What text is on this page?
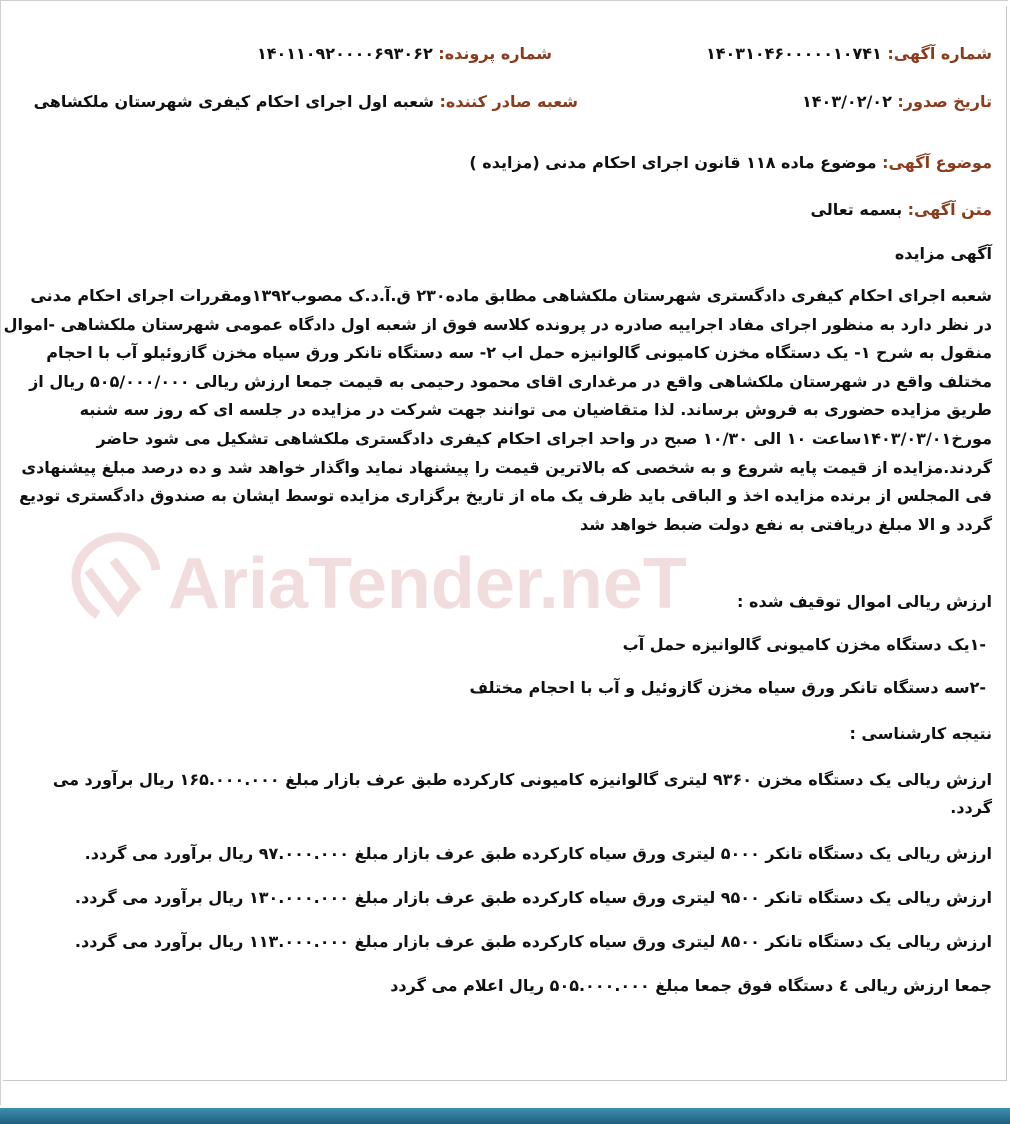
AriaTender.neT
شماره آگهی: ۱۴۰۳۱۰۴۶۰۰۰۰۰۱۰۷۴۱
شماره پرونده: ۱۴۰۱۱۰۹۲۰۰۰۰۶۹۳۰۶۲
تاریخ صدور: ۱۴۰۳/۰۲/۰۲
شعبه صادر کننده: شعبه اول اجرای احکام کیفری شهرستان ملکشاهی
موضوع آگهی: موضوع ماده ۱۱۸ قانون اجرای احکام مدنی (مزایده )
متن آگهی: بسمه تعالی
آگهی مزایده
شعبه اجرای احکام کیفری دادگستری شهرستان ملکشاهی مطابق ماده۲۳۰ ق.آ.د.ک مصوب۱۳۹۲ومقررات اجرای احکام مدنی
در نظر دارد به منظور اجرای مفاد اجراییه صادره در پرونده کلاسه فوق از شعبه اول دادگاه عمومی شهرستان ملکشاهی -اموال
منقول به شرح ۱- یک دستگاه مخزن کامیونی گالوانیزه حمل اب ۲- سه دستگاه تانکر ورق سیاه مخزن گازوئیلو آب با احجام
مختلف واقع در شهرستان ملکشاهی واقع در مرغداری اقای محمود رحیمی به قیمت جمعا ارزش ریالی ۵۰۵/۰۰۰/۰۰۰ ریال از
طریق مزایده حضوری به فروش برساند. لذا متقاضیان می توانند جهت شرکت در مزایده در جلسه ای که روز سه شنبه
مورخ۱۴۰۳/۰۳/۰۱ساعت ۱۰ الی ۱۰/۳۰ صبح در واحد اجرای احکام کیفری دادگستری ملکشاهی تشکیل می شود حاضر
گردند.مزایده از قیمت پایه شروع و به شخصی که بالاترین قیمت را پیشنهاد نماید واگذار خواهد شد و ده درصد مبلغ پیشنهادی
فی المجلس از برنده مزایده اخذ و الباقی باید ظرف یک ماه از تاریخ برگزاری مزایده توسط ایشان به صندوق دادگستری تودیع
گردد و الا مبلغ دریافتی به نفع دولت ضبط خواهد شد
ارزش ریالی اموال توقیف شده :
-۱یک دستگاه مخزن کامیونی گالوانیزه حمل آب
-۲سه دستگاه تانکر ورق سیاه مخزن گازوئیل و آب با احجام مختلف
نتیجه کارشناسی :
ارزش ریالی یک دستگاه مخزن ۹۳۶۰ لیتری گالوانیزه کامیونی کارکرده طبق عرف بازار مبلغ ۱۶۵.۰۰۰.۰۰۰ ریال برآورد می
گردد.
ارزش ریالی یک دستگاه تانکر ۵۰۰۰ لیتری ورق سیاه کارکرده طبق عرف بازار مبلغ ۹۷.۰۰۰.۰۰۰ ریال برآورد می گردد.
ارزش ریالی یک دستگاه تانکر ۹۵۰۰ لیتری ورق سیاه کارکرده طبق عرف بازار مبلغ ۱۳۰.۰۰۰.۰۰۰ ریال برآورد می گردد.
ارزش ریالی یک دستگاه تانکر ۸۵۰۰ لیتری ورق سیاه کارکرده طبق عرف بازار مبلغ ۱۱۳.۰۰۰.۰۰۰ ریال برآورد می گردد.
جمعا ارزش ریالی ٤ دستگاه فوق جمعا مبلغ ۵۰۵.۰۰۰.۰۰۰ ریال اعلام می گردد
